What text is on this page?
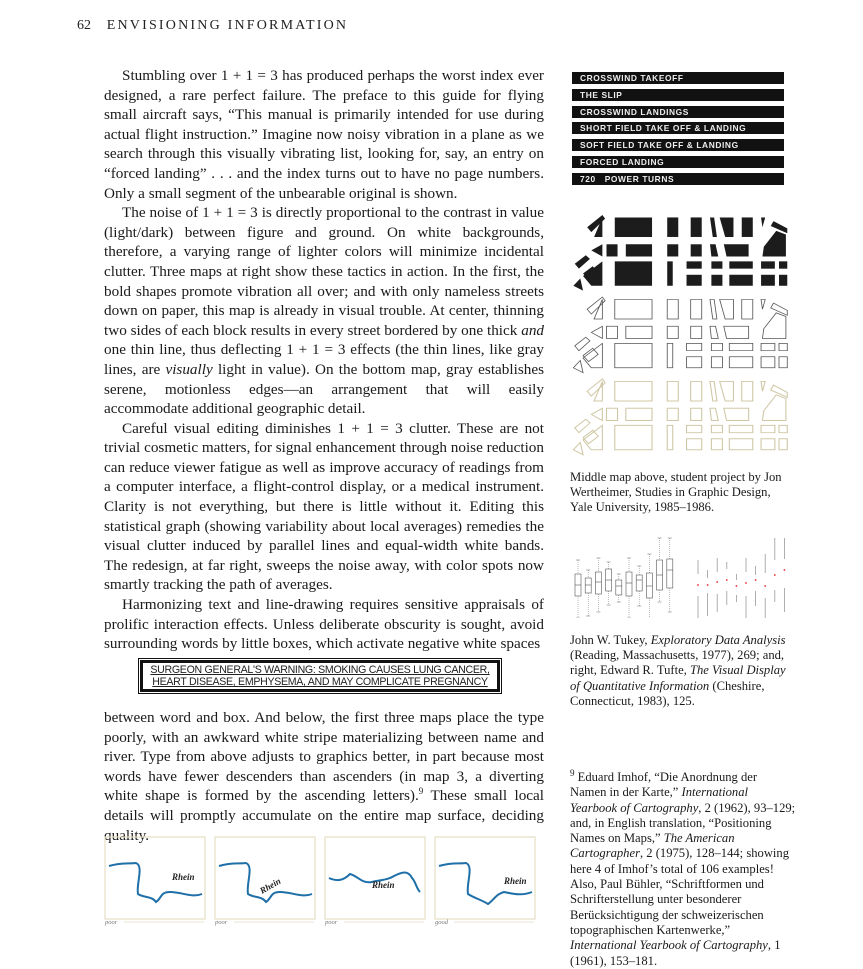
62 ENVISIONING INFORMATION

Stumbling over 1 + 1 = 3 has produced perhaps the worst index ever designed, a rare perfect failure. The preface to this guide for flying small aircraft says, “This manual is primarily intended for use during actual flight instruction.” Imagine now noisy vibration in a plane as we search through this visually vibrating list, looking for, say, an entry on “forced landing” . . . and the index turns out to have no page numbers. Only a small segment of the unbearable original is shown.

The noise of 1 + 1 = 3 is directly proportional to the contrast in value (light/dark) between figure and ground. On white backgrounds, therefore, a varying range of lighter colors will minimize incidental clutter. Three maps at right show these tactics in action. In the first, the bold shapes promote vibration all over; and with only nameless streets down on paper, this map is already in visual trouble. At center, thinning two sides of each block results in every street bordered by one thick and one thin line, thus deflecting 1 + 1 = 3 effects (the thin lines, like gray lines, are visually light in value). On the bottom map, gray establishes serene, motionless edges—an arrangement that will easily accommodate additional geographic detail.

Careful visual editing diminishes 1 + 1 = 3 clutter. These are not trivial cosmetic matters, for signal enhancement through noise reduction can reduce viewer fatigue as well as improve accuracy of readings from a computer interface, a flight-control display, or a medical instrument. Clarity is not everything, but there is little without it. Editing this statistical graph (showing variability about local averages) remedies the visual clutter induced by parallel lines and equal-width white bands. The redesign, at far right, sweeps the noise away, with color spots now smartly tracking the path of averages.

Harmonizing text and line-drawing requires sensitive appraisals of prolific interaction effects. Unless deliberate obscurity is sought, avoid surrounding words by little boxes, which activate negative white spaces

SURGEON GENERAL'S WARNING: SMOKING CAUSES LUNG CANCER,
HEART DISEASE, EMPHYSEMA, AND MAY COMPLICATE PREGNANCY

between word and box. And below, the first three maps place the type poorly, with an awkward white stripe materializing between name and river. Type from above adjusts to graphics better, in part because most words have fewer descenders than ascenders (in map 3, a diverting white shape is formed by the ascending letters).$^9$ These small local details will promptly accumulate on the entire map surface, deciding quality.

CROSSWIND TAKEOFF
THE SLIP
CROSSWIND LANDINGS
SHORT FIELD TAKE OFF & LANDING
SOFT FIELD TAKE OFF & LANDING
FORCED LANDING
720 POWER TURNS
Middle map above, student project by Jon Wertheimer, Studies in Graphic Design, Yale University, 1985–1986.
John W. Tukey, Exploratory Data Analysis (Reading, Massachusetts, 1977), 269; and, right, Edward R. Tufte, The Visual Display of Quantitative Information (Cheshire, Connecticut, 1983), 125.
$^9$ Eduard Imhof, “Die Anordnung der Namen in der Karte,” International Yearbook of Cartography, 2 (1962), 93–129; and, in English translation, “Positioning Names on Maps,” The American Cartographer, 2 (1975), 128–144; showing here 4 of Imhof’s total of 106 examples! Also, Paul Bühler, “Schriftformen und Schrifterstellung unter besonderer Berücksichtigung der schweizerischen topographischen Kartenwerke,” International Yearbook of Cartography, 1 (1961), 153–181.
Rhein
poor
Rhein
poor
Rhein
poor
Rhein
good
